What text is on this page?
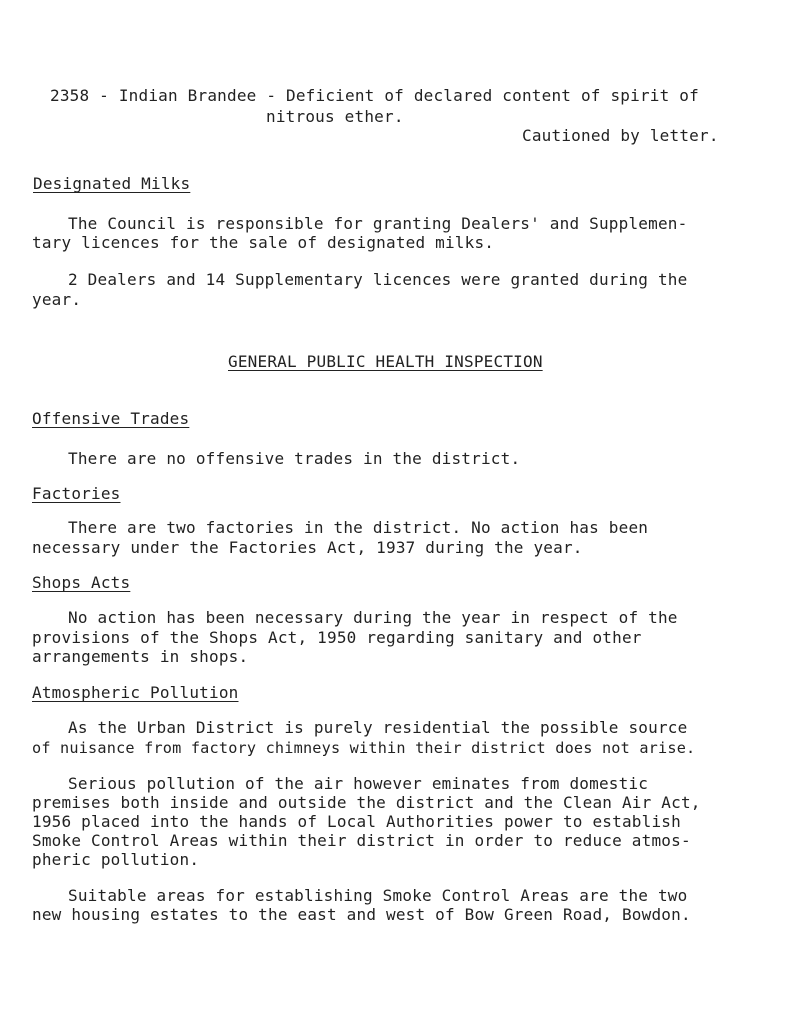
2358 - Indian Brandee - Deficient of declared content of spirit of
nitrous ether.
Cautioned by letter.
Designated Milks
The Council is responsible for granting Dealers' and Supplemen-
tary licences for the sale of designated milks.
2 Dealers and 14 Supplementary licences were granted during the
year.
GENERAL PUBLIC HEALTH INSPECTION
Offensive Trades
There are no offensive trades in the district.
Factories
There are two factories in the district. No action has been
necessary under the Factories Act, 1937 during the year.
Shops Acts
No action has been necessary during the year in respect of the
provisions of the Shops Act, 1950 regarding sanitary and other
arrangements in shops.
Atmospheric Pollution
As the Urban District is purely residential the possible source
of nuisance from factory chimneys within their district does not arise.
Serious pollution of the air however eminates from domestic
premises both inside and outside the district and the Clean Air Act,
1956 placed into the hands of Local Authorities power to establish
Smoke Control Areas within their district in order to reduce atmos-
pheric pollution.
Suitable areas for establishing Smoke Control Areas are the two
new housing estates to the east and west of Bow Green Road, Bowdon.
